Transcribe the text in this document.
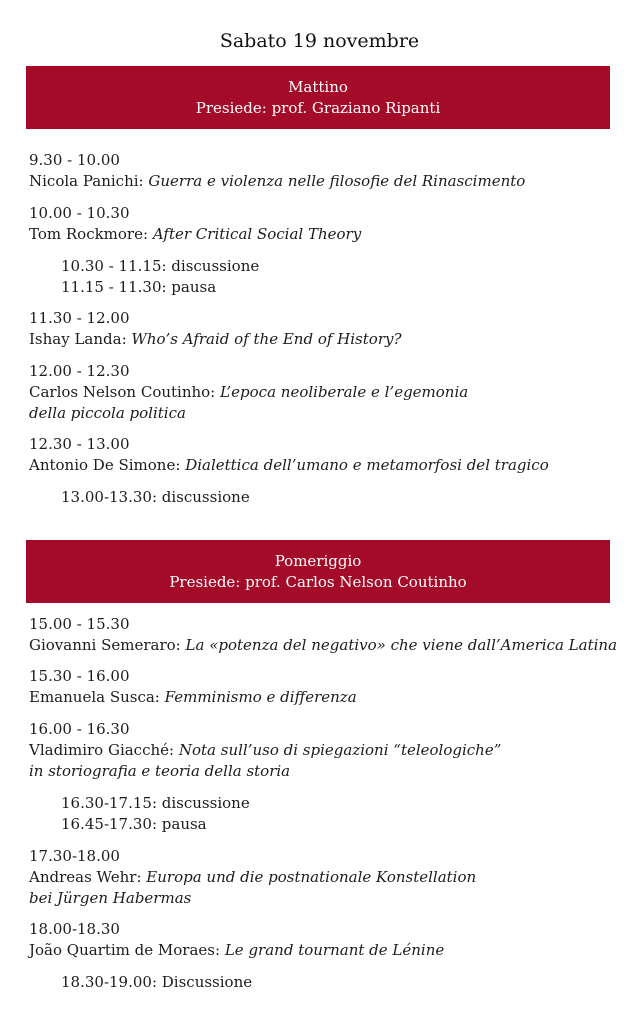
Sabato 19 novembre
Mattino
Presiede: prof. Graziano Ripanti
9.30 - 10.00
Nicola Panichi: Guerra e violenza nelle filosofie del Rinascimento
10.00 - 10.30
Tom Rockmore: After Critical Social Theory
10.30 - 11.15: discussione
11.15 - 11.30: pausa
11.30 - 12.00
Ishay Landa: Who’s Afraid of the End of History?
12.00 - 12.30
Carlos Nelson Coutinho: L’epoca neoliberale e l’egemonia
della piccola politica
12.30 - 13.00
Antonio De Simone: Dialettica dell’umano e metamorfosi del tragico
13.00-13.30: discussione
Pomeriggio
Presiede: prof. Carlos Nelson Coutinho
15.00 - 15.30
Giovanni Semeraro: La «potenza del negativo» che viene dall’America Latina
15.30 - 16.00
Emanuela Susca: Femminismo e differenza
16.00 - 16.30
Vladimiro Giacché: Nota sull’uso di spiegazioni “teleologiche”
in storiografia e teoria della storia
16.30-17.15: discussione
16.45-17.30: pausa
17.30-18.00
Andreas Wehr: Europa und die postnationale Konstellation
bei Jürgen Habermas
18.00-18.30
João Quartim de Moraes: Le grand tournant de Lénine
18.30-19.00: Discussione
